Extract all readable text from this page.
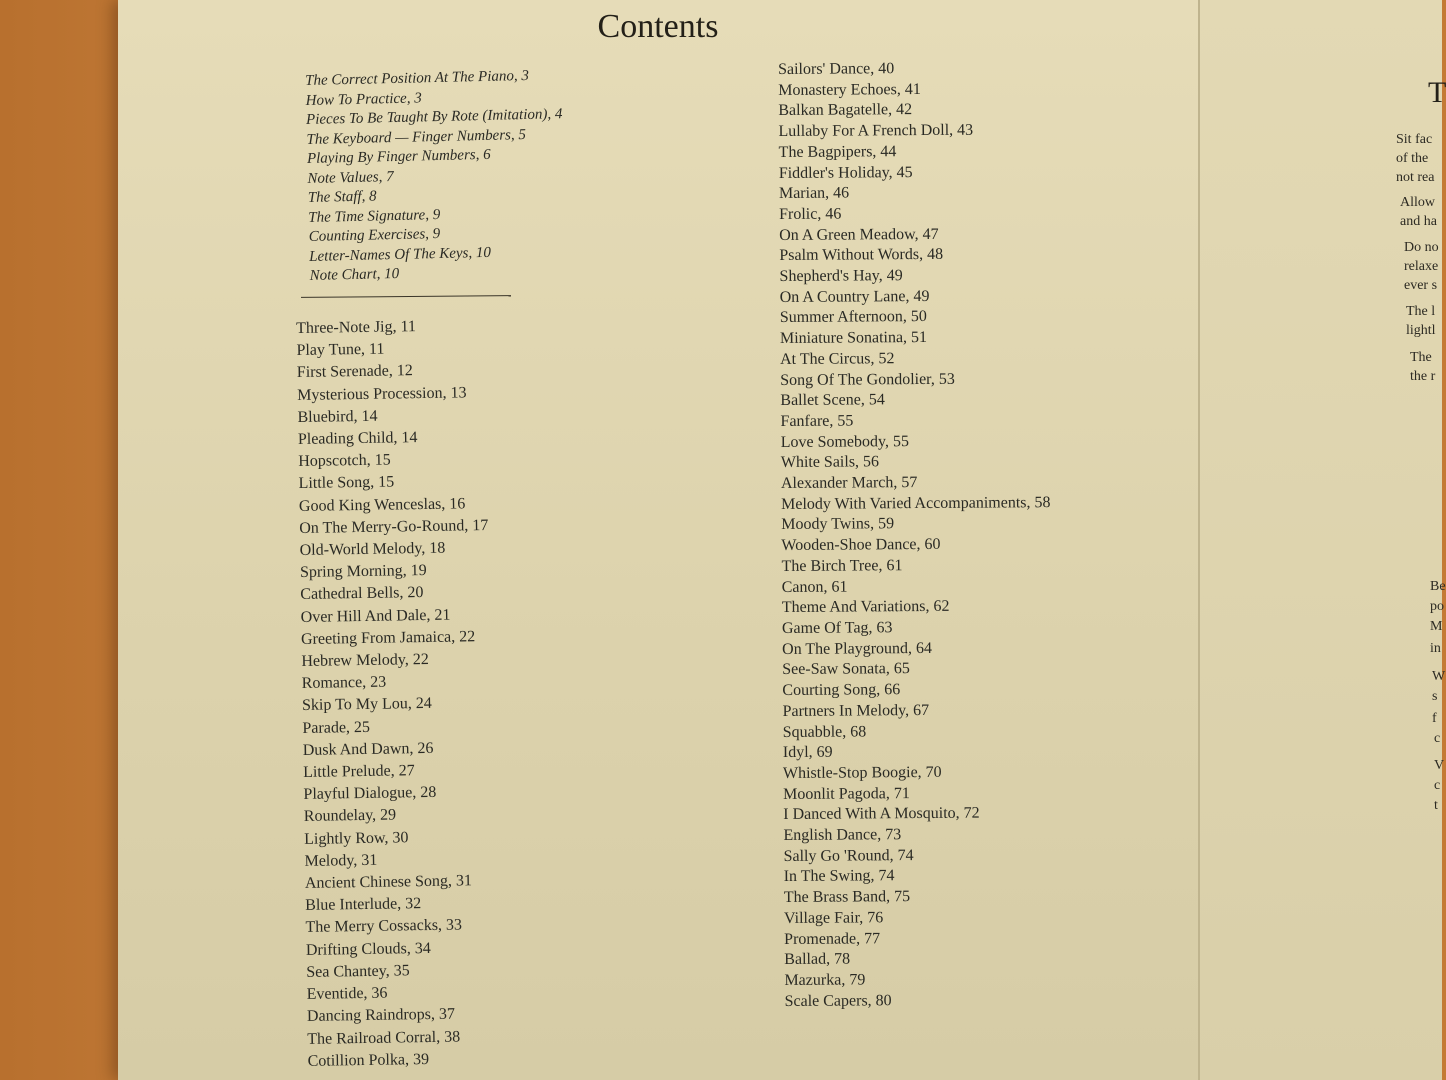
Contents
The Correct Position At The Piano, 3
How To Practice, 3
Pieces To Be Taught By Rote (Imitation), 4
The Keyboard — Finger Numbers, 5
Playing By Finger Numbers, 6
Note Values, 7
The Staff, 8
The Time Signature, 9
Counting Exercises, 9
Letter-Names Of The Keys, 10
Note Chart, 10
Three-Note Jig, 11
Play Tune, 11
First Serenade, 12
Mysterious Procession, 13
Bluebird, 14
Pleading Child, 14
Hopscotch, 15
Little Song, 15
Good King Wenceslas, 16
On The Merry-Go-Round, 17
Old-World Melody, 18
Spring Morning, 19
Cathedral Bells, 20
Over Hill And Dale, 21
Greeting From Jamaica, 22
Hebrew Melody, 22
Romance, 23
Skip To My Lou, 24
Parade, 25
Dusk And Dawn, 26
Little Prelude, 27
Playful Dialogue, 28
Roundelay, 29
Lightly Row, 30
Melody, 31
Ancient Chinese Song, 31
Blue Interlude, 32
The Merry Cossacks, 33
Drifting Clouds, 34
Sea Chantey, 35
Eventide, 36
Dancing Raindrops, 37
The Railroad Corral, 38
Cotillion Polka, 39
Sailors' Dance, 40
Monastery Echoes, 41
Balkan Bagatelle, 42
Lullaby For A French Doll, 43
The Bagpipers, 44
Fiddler's Holiday, 45
Marian, 46
Frolic, 46
On A Green Meadow, 47
Psalm Without Words, 48
Shepherd's Hay, 49
On A Country Lane, 49
Summer Afternoon, 50
Miniature Sonatina, 51
At The Circus, 52
Song Of The Gondolier, 53
Ballet Scene, 54
Fanfare, 55
Love Somebody, 55
White Sails, 56
Alexander March, 57
Melody With Varied Accompaniments, 58
Moody Twins, 59
Wooden-Shoe Dance, 60
The Birch Tree, 61
Canon, 61
Theme And Variations, 62
Game Of Tag, 63
On The Playground, 64
See-Saw Sonata, 65
Courting Song, 66
Partners In Melody, 67
Squabble, 68
Idyl, 69
Whistle-Stop Boogie, 70
Moonlit Pagoda, 71
I Danced With A Mosquito, 72
English Dance, 73
Sally Go 'Round, 74
In The Swing, 74
The Brass Band, 75
Village Fair, 76
Promenade, 77
Ballad, 78
Mazurka, 79
Scale Capers, 80
T
Sit fac
of the
not rea
Allow
and ha
Do no
relaxe
ever s
The l
lightl
The
the r
Be
po
M
in
W
s
f
c
V
c
t
